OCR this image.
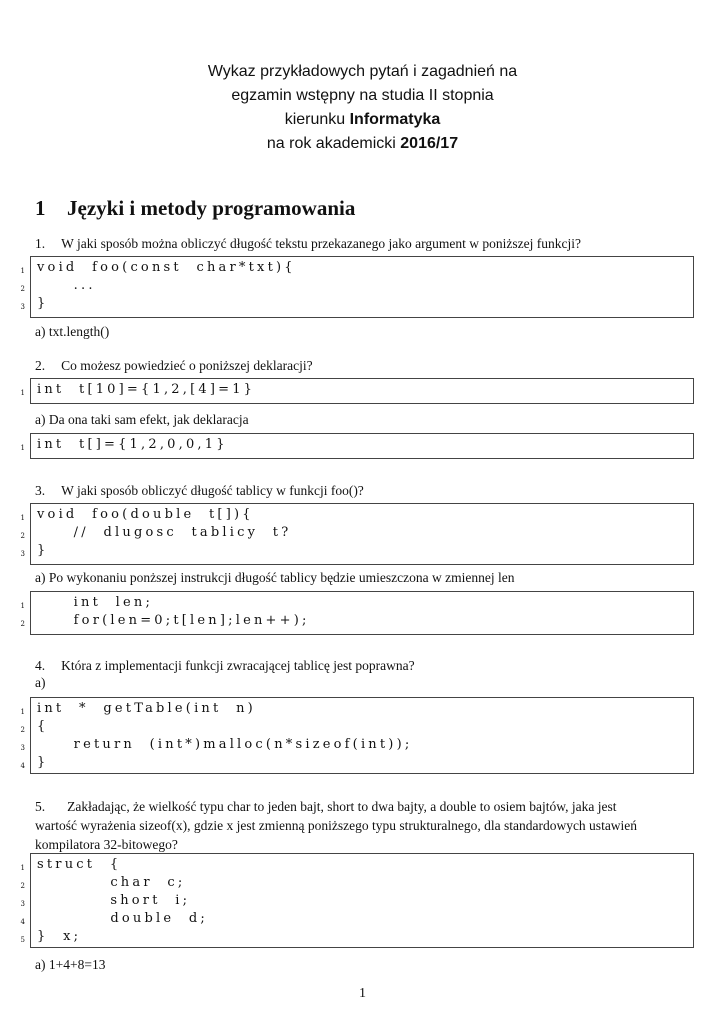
Wykaz przykładowych pytań i zagadnień na
egzamin wstępny na studia II stopnia
kierunku Informatyka
na rok akademicki 2016/17
1 Języki i metody programowania
1. W jaki sposób można obliczyć długość tekstu przekazanego jako argument w poniższej funkcji?
1 void  foo(const  char*txt){
2 ...
3 }
a) txt.length()
2. Co możesz powiedzieć o poniższej deklaracji?
1 int  t[10]={1,2,[4]=1}
a) Da ona taki sam efekt, jak deklaracja
1 int  t[]={1,2,0,0,1}
3. W jaki sposób obliczyć długość tablicy w funkcji foo()?
1 void  foo(double  t[]){
2 //  dlugosc  tablicy  t?
3 }
a) Po wykonaniu ponższej instrukcji długość tablicy będzie umieszczona w zmiennej len
1 int  len;
2 for(len=0;t[len];len++);
4. Która z implementacji funkcji zwracającej tablicę jest poprawna?
a)
1 int  *  getTable(int  n)
2 {
3 return  (int*)malloc(n*sizeof(int));
4 }
5. Zakładając, że wielkość typu char to jeden bajt, short to dwa bajty, a double to osiem bajtów, jaka jest
wartość wyrażenia sizeof(x), gdzie x jest zmienną poniższego typu strukturalnego, dla standardowych ustawień
kompilatora 32-bitowego?
1 struct  {
2 char  c;
3 short  i;
4 double  d;
5 }  x;
a) 1+4+8=13
1
